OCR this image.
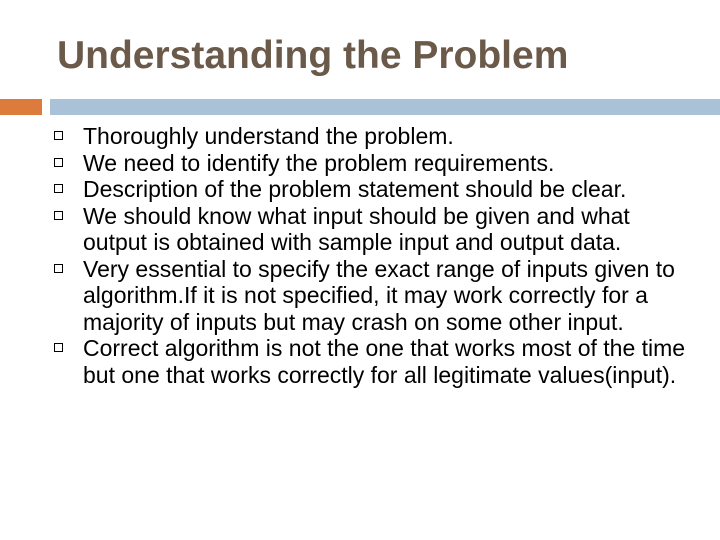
Understanding the Problem
Thoroughly understand the problem.
We need to identify the problem requirements.
Description of the problem statement should be clear.
We should know what input should be given and what output is obtained with sample input and output data.
Very essential to specify the exact range of inputs given to algorithm.If it is not specified, it may work correctly for a majority of inputs but may crash on some other input.
Correct algorithm is not the one that works most of the time but one that works correctly for all legitimate values(input).
